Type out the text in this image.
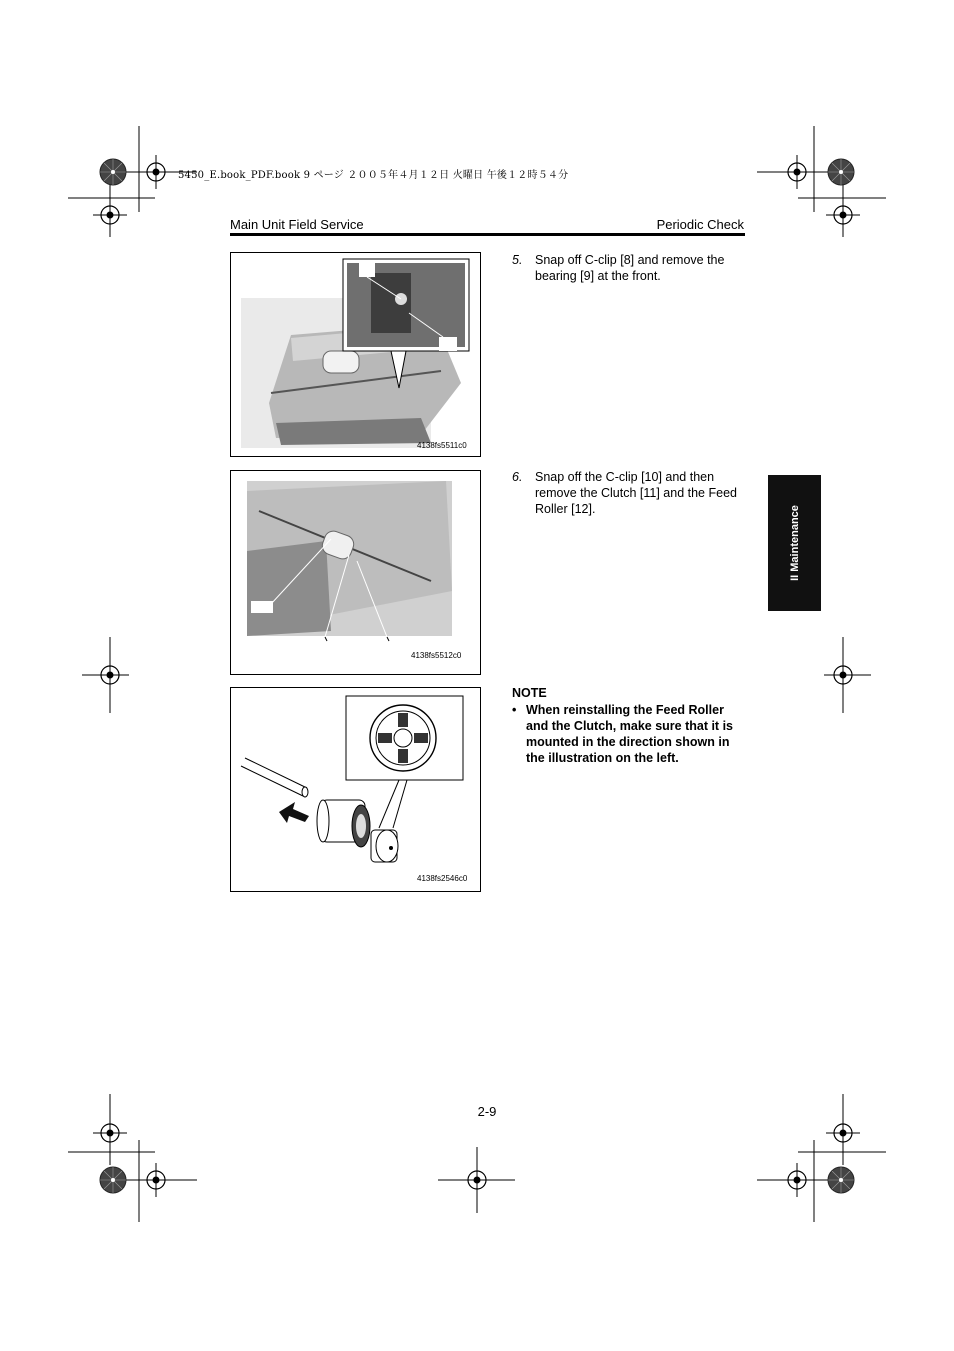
5450_E.book_PDF.book 9 ページ ２００５年４月１２日 火曜日 午後１２時５４分
Main Unit Field Service	Periodic Check
4138fs5511c0
4138fs5512c0
4138fs2546c0
5. Snap off C-clip [8] and remove the bearing [9] at the front.
6. Snap off the C-clip [10] and then remove the Clutch [11] and the Feed Roller [12].
NOTE
• When reinstalling the Feed Roller and the Clutch, make sure that it is mounted in the direction shown in the illustration on the left.
II Maintenance
2-9
